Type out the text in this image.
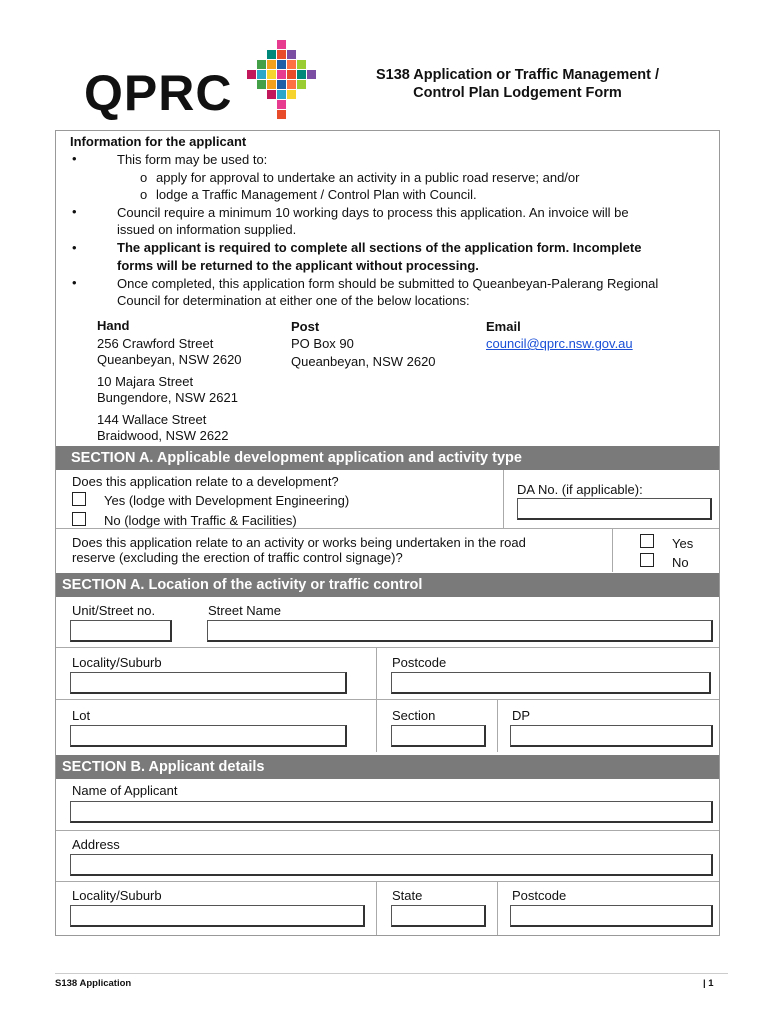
QPRC	S138 Application or Traffic Management /
Control Plan Lodgement Form
Information for the applicant
•	This form may be used to:
o apply for approval to undertake an activity in a public road reserve; and/or
o lodge a Traffic Management / Control Plan with Council.
•	Council require a minimum 10 working days to process this application. An invoice will be
issued on information supplied.
•	The applicant is required to complete all sections of the application form. Incomplete
forms will be returned to the applicant without processing.
•	Once completed, this application form should be submitted to Queanbeyan-Palerang Regional
Council for determination at either one of the below locations:
Hand
256 Crawford Street
Queanbeyan, NSW 2620
10 Majara Street
Bungendore, NSW 2621
144 Wallace Street
Braidwood, NSW 2622
Post
PO Box 90
Queanbeyan, NSW 2620
Email
council@qprc.nsw.gov.au
SECTION A. Applicable development application and activity type
Does this application relate to a development?
Yes (lodge with Development Engineering)
No (lodge with Traffic & Facilities)
DA No. (if applicable):
Does this application relate to an activity or works being undertaken in the road
reserve (excluding the erection of traffic control signage)?
Yes
No
SECTION A. Location of the activity or traffic control
Unit/Street no.	Street Name
Locality/Suburb	Postcode
Lot	Section	DP
SECTION B. Applicant details
Name of Applicant
Address
Locality/Suburb	State	Postcode
S138 Application	| 1
